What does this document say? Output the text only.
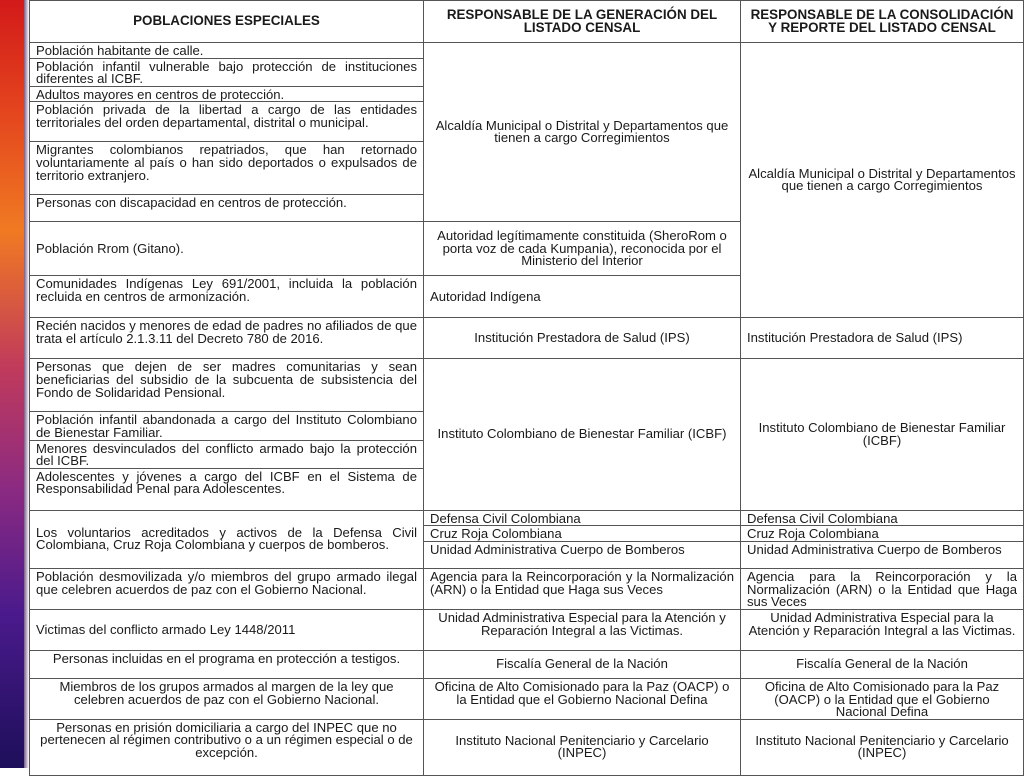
POBLACIONES ESPECIALES	RESPONSABLE DE LA GENERACIÓN DEL LISTADO CENSAL	RESPONSABLE DE LA CONSOLIDACIÓN Y REPORTE DEL LISTADO CENSAL
Población habitante de calle.	Alcaldía Municipal o Distrital y Departamentos que tienen a cargo Corregimientos	Alcaldía Municipal o Distrital y Departamentos que tienen a cargo Corregimientos
Población infantil vulnerable bajo protección de instituciones diferentes al ICBF.		
Adultos mayores en centros de protección.		
Población privada de la libertad a cargo de las entidades territoriales del orden departamental, distrital o municipal.		
Migrantes colombianos repatriados, que han retornado voluntariamente al país o han sido deportados o expulsados de territorio extranjero.		
Personas con discapacidad en centros de protección.		
Población Rrom (Gitano).	Autoridad legítimamente constituida (SheroRom o porta voz de cada Kumpania), reconocida por el Ministerio del Interior	
Comunidades Indígenas Ley 691/2001, incluida la población recluida en centros de armonización.	Autoridad Indígena	
Recién nacidos y menores de edad de padres no afiliados de que trata el artículo 2.1.3.11 del Decreto 780 de 2016.	Institución Prestadora de Salud (IPS)	Institución Prestadora de Salud (IPS)
Personas que dejen de ser madres comunitarias y sean beneficiarias del subsidio de la subcuenta de subsistencia del Fondo de Solidaridad Pensional.	Instituto Colombiano de Bienestar Familiar (ICBF)	Instituto Colombiano de Bienestar Familiar (ICBF)
Población infantil abandonada a cargo del Instituto Colombiano de Bienestar Familiar.		
Menores desvinculados del conflicto armado bajo la protección del ICBF.		
Adolescentes y jóvenes a cargo del ICBF en el Sistema de Responsabilidad Penal para Adolescentes.		
Los voluntarios acreditados y activos de la Defensa Civil Colombiana, Cruz Roja Colombiana y cuerpos de bomberos.	Defensa Civil Colombiana	Defensa Civil Colombiana
	Cruz Roja Colombiana	Cruz Roja Colombiana
	Unidad Administrativa Cuerpo de Bomberos	Unidad Administrativa Cuerpo de Bomberos
Población desmovilizada y/o miembros del grupo armado ilegal que celebren acuerdos de paz con el Gobierno Nacional.	Agencia para la Reincorporación y la Normalización (ARN) o la Entidad que Haga sus Veces	Agencia para la Reincorporación y la Normalización (ARN) o la Entidad que Haga sus Veces
Victimas del conflicto armado Ley 1448/2011	Unidad Administrativa Especial para la Atención y Reparación Integral a las Victimas.	Unidad Administrativa Especial para la Atención y Reparación Integral a las Victimas.
Personas incluidas en el programa en protección a testigos.	Fiscalía General de la Nación	Fiscalía General de la Nación
Miembros de los grupos armados al margen de la ley que celebren acuerdos de paz con el Gobierno Nacional.	Oficina de Alto Comisionado para la Paz (OACP) o la Entidad que el Gobierno Nacional Defina	Oficina de Alto Comisionado para la Paz (OACP) o la Entidad que el Gobierno Nacional Defina
Personas en prisión domiciliaria a cargo del INPEC que no pertenecen al régimen contributivo o a un régimen especial o de excepción.	Instituto Nacional Penitenciario y Carcelario (INPEC)	Instituto Nacional Penitenciario y Carcelario (INPEC)
